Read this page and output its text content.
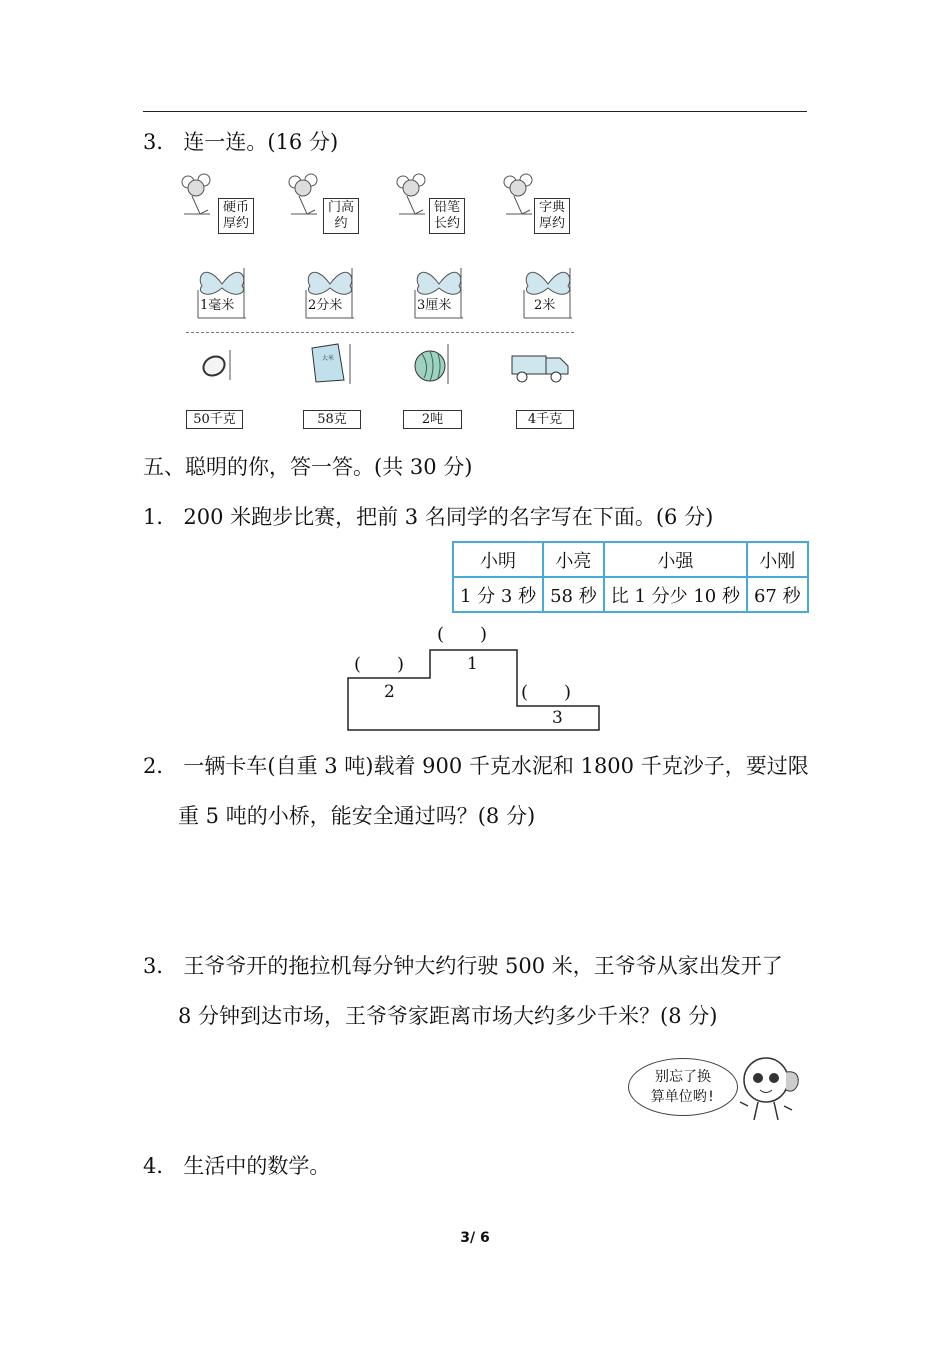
3． 连一连。(16 分)
硬币
厚约
门高
约
铅笔
长约
字典
厚约
1毫米	2分米	3厘米	2米
大米
50千克	58克	2吨	4千克
五、聪明的你，答一答。(共 30 分)
1． 200 米跑步比赛，把前 3 名同学的名字写在下面。(6 分)
小明	小亮	小强	小刚
1 分 3 秒	58 秒	比 1 分少 10 秒	67 秒
(　　)
(　　)
(　　)
1
2
3
2． 一辆卡车(自重 3 吨)载着 900 千克水泥和 1800 千克沙子，要过限
重 5 吨的小桥，能安全通过吗？(8 分)
3． 王爷爷开的拖拉机每分钟大约行驶 500 米，王爷爷从家出发开了
8 分钟到达市场，王爷爷家距离市场大约多少千米？(8 分)
别忘了换
算单位哟!
4． 生活中的数学。
3/ 6
